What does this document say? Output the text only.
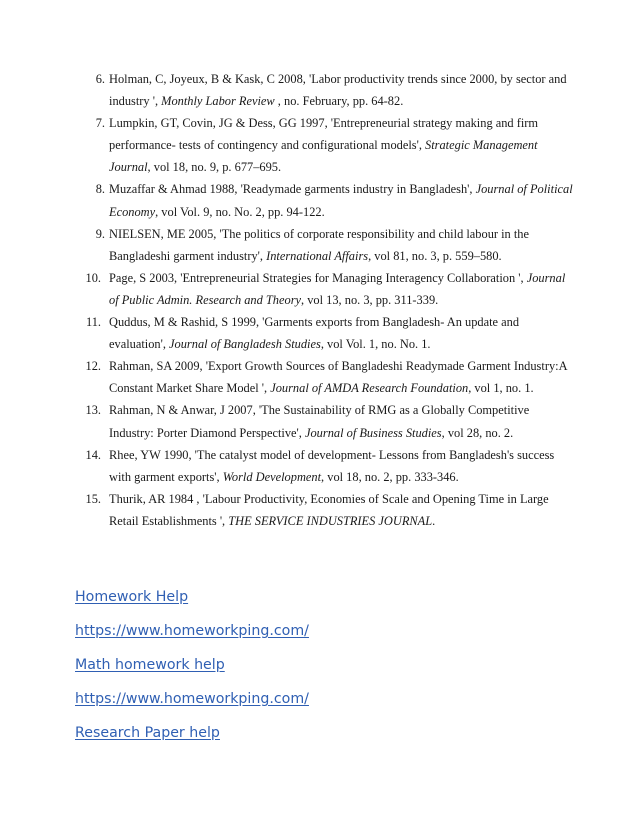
6. Holman, C, Joyeux, B & Kask, C 2008, 'Labor productivity trends since 2000, by sector and industry ', Monthly Labor Review , no. February, pp. 64-82.
7. Lumpkin, GT, Covin, JG & Dess, GG 1997, 'Entrepreneurial strategy making and firm performance- tests of contingency and configurational models', Strategic Management Journal, vol 18, no. 9, p. 677–695.
8. Muzaffar & Ahmad 1988, 'Readymade garments industry in Bangladesh', Journal of Political Economy, vol Vol. 9, no. No. 2, pp. 94-122.
9. NIELSEN, ME 2005, 'The politics of corporate responsibility and child labour in the Bangladeshi garment industry', International Affairs, vol 81, no. 3, p. 559–580.
10. Page, S 2003, 'Entrepreneurial Strategies for Managing Interagency Collaboration ', Journal of Public Admin. Research and Theory, vol 13, no. 3, pp. 311-339.
11. Quddus, M & Rashid, S 1999, 'Garments exports from Bangladesh- An update and evaluation', Journal of Bangladesh Studies, vol Vol. 1, no. No. 1.
12. Rahman, SA 2009, 'Export Growth Sources of Bangladeshi Readymade Garment Industry:A Constant Market Share Model ', Journal of AMDA Research Foundation, vol 1, no. 1.
13. Rahman, N & Anwar, J 2007, 'The Sustainability of RMG as a Globally Competitive Industry: Porter Diamond Perspective', Journal of Business Studies, vol 28, no. 2.
14. Rhee, YW 1990, 'The catalyst model of development- Lessons from Bangladesh's success with garment exports', World Development, vol 18, no. 2, pp. 333-346.
15. Thurik, AR 1984 , 'Labour Productivity, Economies of Scale and Opening Time in Large Retail Establishments ', THE SERVICE INDUSTRIES JOURNAL.
Homework Help
https://www.homeworkping.com/
Math homework help
https://www.homeworkping.com/
Research Paper help
